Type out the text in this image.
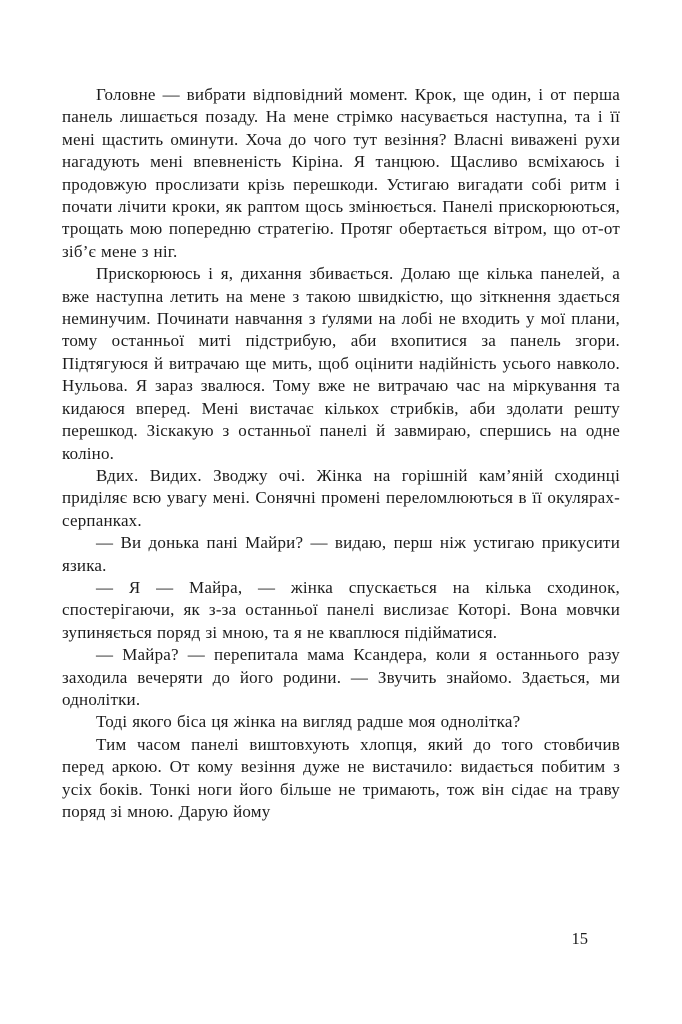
Головне — вибрати відповідний момент. Крок, ще один, і от перша панель лишається позаду. На мене стрімко насувається наступна, та і її мені щастить оминути. Хоча до чого тут везіння? Власні виважені рухи нагадують мені впевненість Кіріна. Я танцюю. Щасливо всміхаюсь і продовжую прослизати крізь перешкоди. Устигаю вигадати собі ритм і почати лічити кроки, як раптом щось змінюється. Панелі прискорюються, трощать мою попередню стратегію. Протяг обертається вітром, що от-от зіб’є мене з ніг.

Прискорююсь і я, дихання збивається. Долаю ще кілька панелей, а вже наступна летить на мене з такою швидкістю, що зіткнення здається неминучим. Починати навчання з ґулями на лобі не входить у мої плани, тому останньої миті підстрибую, аби вхопитися за панель згори. Підтягуюся й витрачаю ще мить, щоб оцінити надійність усього навколо. Нульова. Я зараз звалюся. Тому вже не витрачаю час на міркування та кидаюся вперед. Мені вистачає кількох стрибків, аби здолати решту перешкод. Зіскакую з останньої панелі й завмираю, спершись на одне коліно.

Вдих. Видих. Зводжу очі. Жінка на горішній кам’яній сходинці приділяє всю увагу мені. Сонячні промені переломлюються в її окулярах-серпанках.

— Ви донька пані Майри? — видаю, перш ніж устигаю прикусити язика.

— Я — Майра, — жінка спускається на кілька сходинок, спостерігаючи, як з-за останньої панелі вислизає Которі. Вона мовчки зупиняється поряд зі мною, та я не кваплюся підійматися.

— Майра? — перепитала мама Ксандера, коли я останнього разу заходила вечеряти до його родини. — Звучить знайомо. Здається, ми однолітки.

Тоді якого біса ця жінка на вигляд радше моя однолітка?

Тим часом панелі виштовхують хлопця, який до того стовбичив перед аркою. От кому везіння дуже не вистачило: видається побитим з усіх боків. Тонкі ноги його більше не тримають, тож він сідає на траву поряд зі мною. Дарую йому

15
